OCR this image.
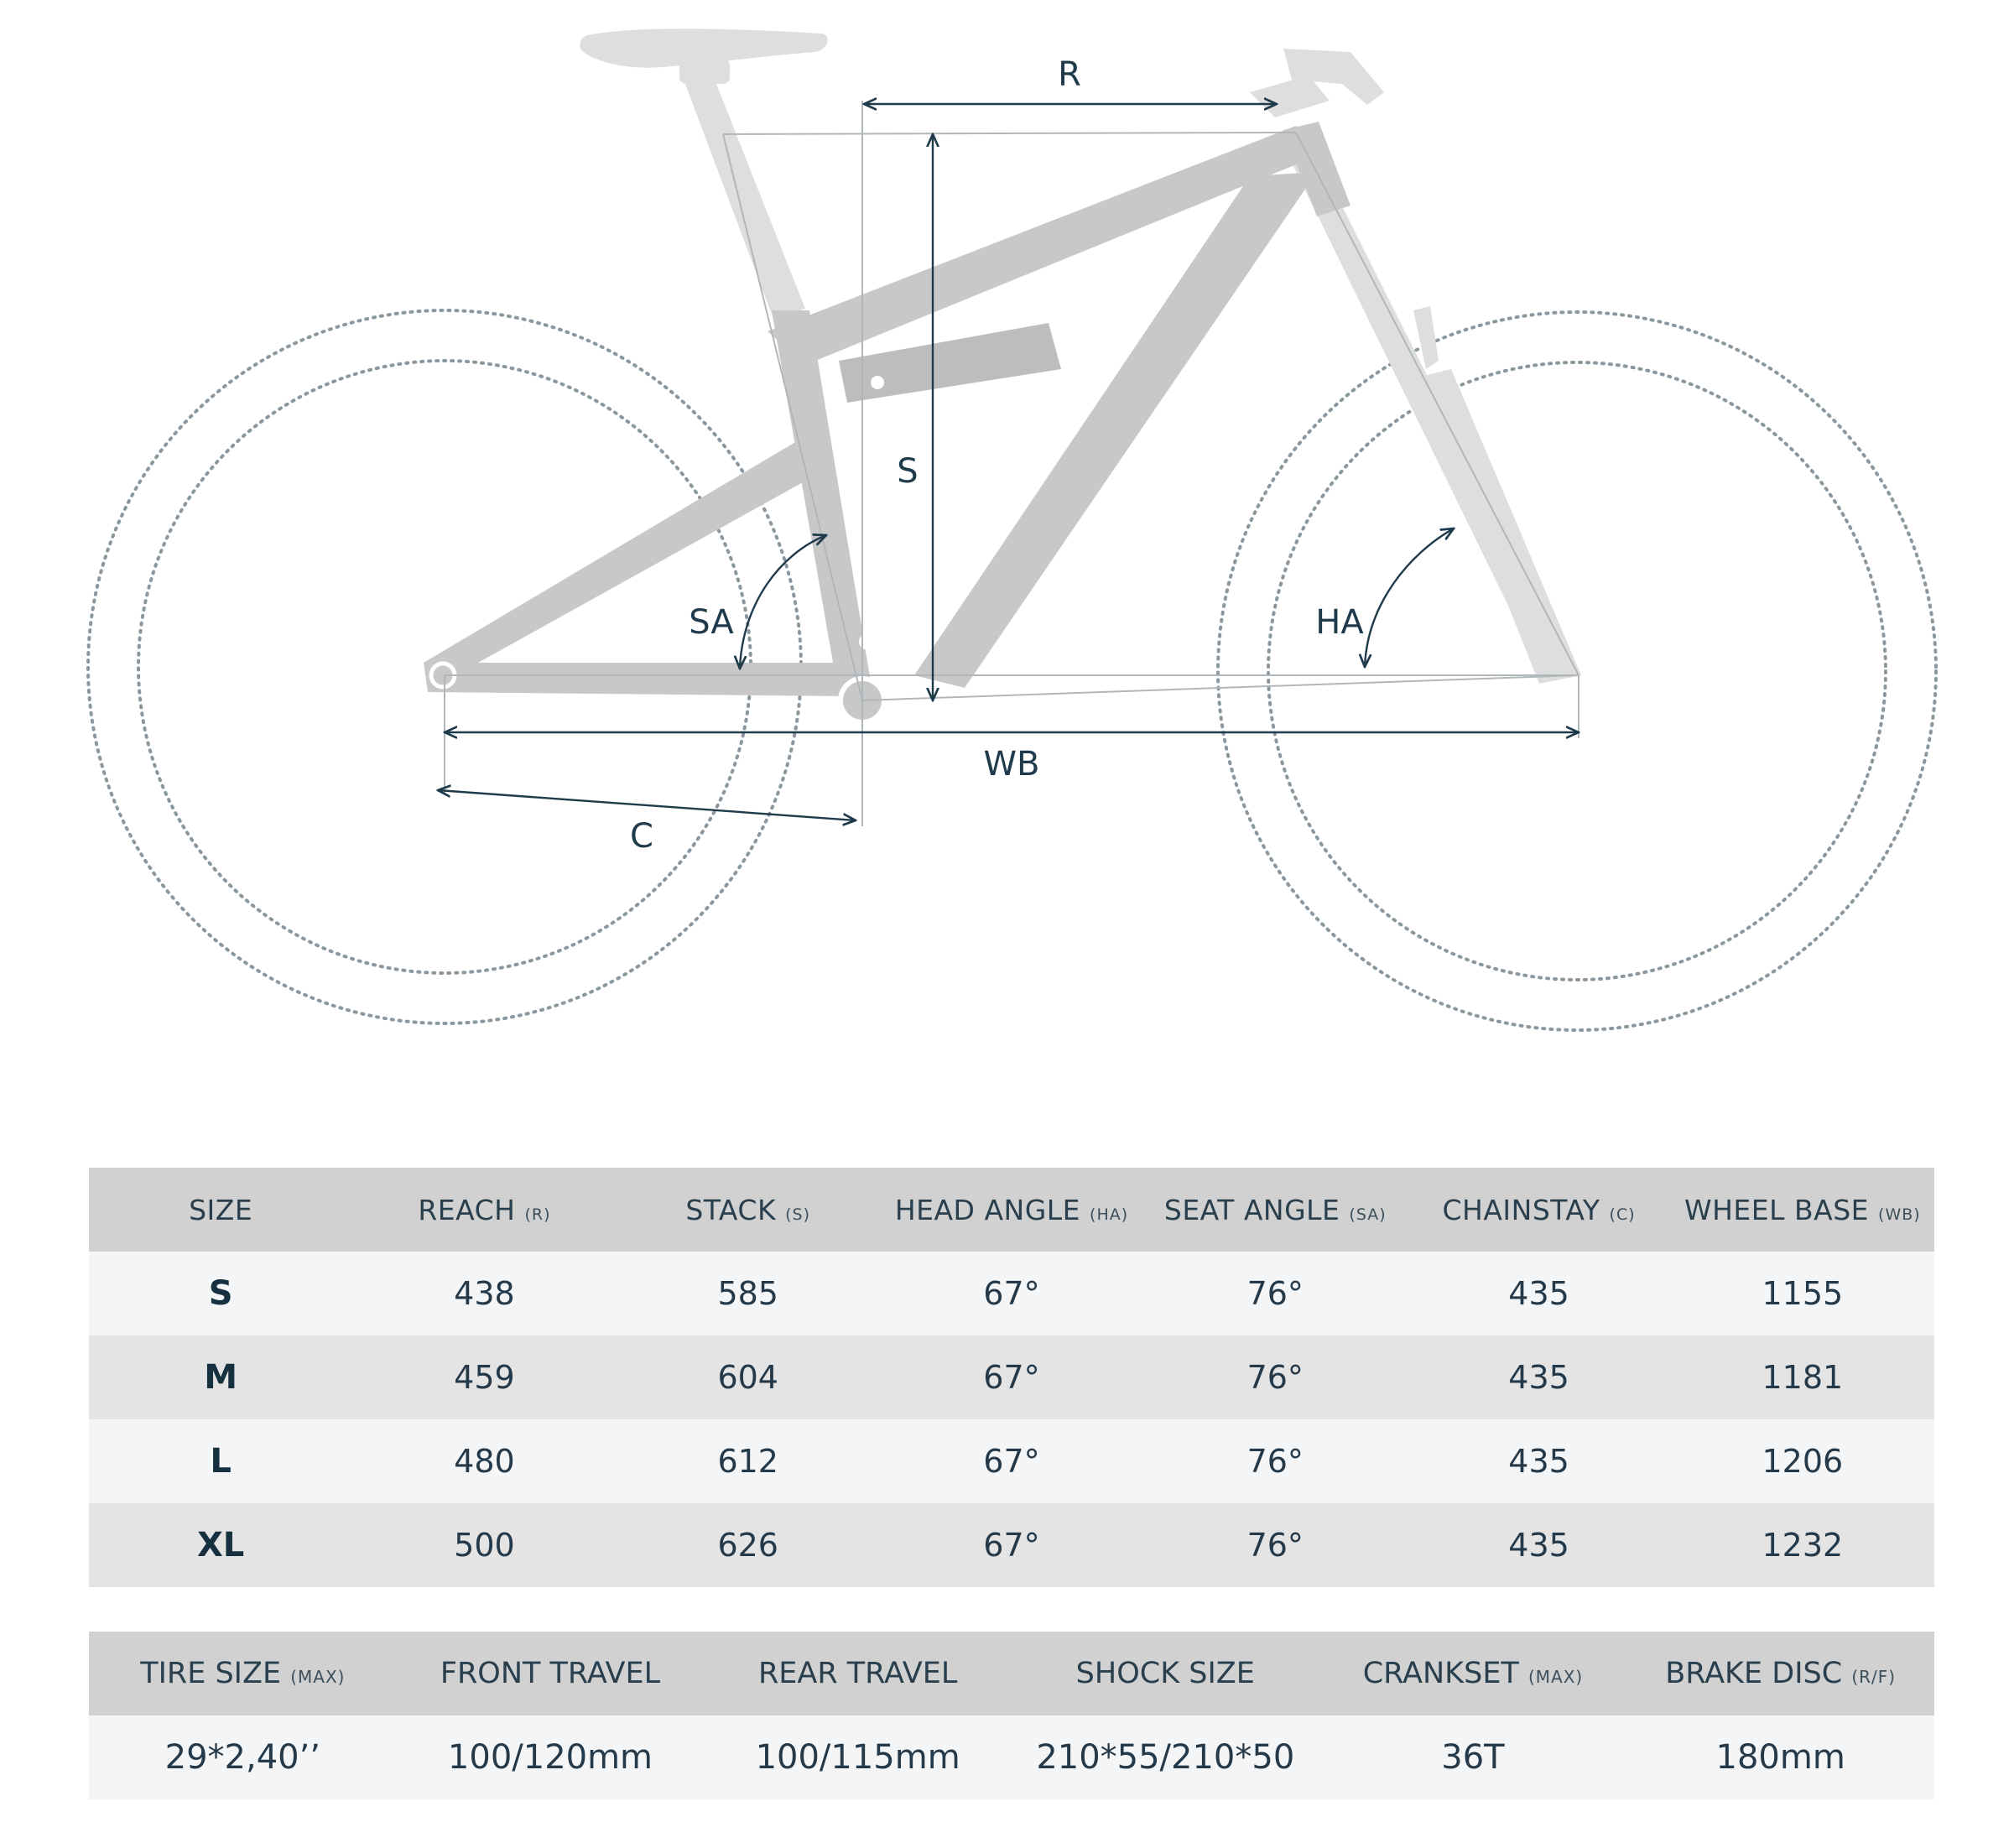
R
S
SA	HA
WB
C
SIZE	REACH (R)	STACK (S)	HEAD ANGLE (HA)	SEAT ANGLE (SA)	CHAINSTAY (C)	WHEEL BASE (WB)
S	438	585	67°	76°	435	1155
M	459	604	67°	76°	435	1181
L	480	612	67°	76°	435	1206
XL	500	626	67°	76°	435	1232
TIRE SIZE (MAX)	FRONT TRAVEL	REAR TRAVEL	SHOCK SIZE	CRANKSET (MAX)	BRAKE DISC (R/F)
29*2,40’’	100/120mm	100/115mm	210*55/210*50	36T	180mm
